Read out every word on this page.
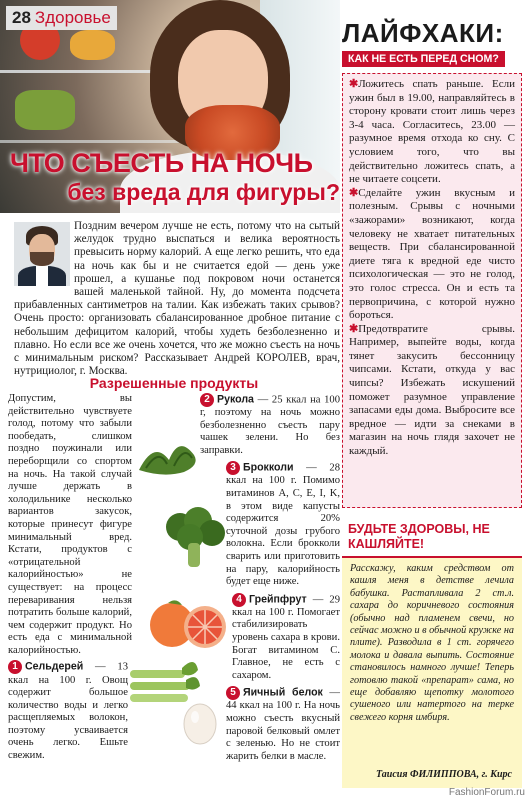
28 Здоровье
ЧТО СЪЕСТЬ НА НОЧЬ
без вреда для фигуры?
Поздним вечером лучше не есть, потому что на сытый желудок трудно выспаться и велика вероятность превысить норму калорий. А еще легко решить, что еда на ночь как бы и не считается едой — день уже прошел, а кушанье под покровом ночи останется вашей маленькой тайной. Ну, до момента подсчета прибавленных сантиметров на талии. Как избежать таких срывов? Очень просто: организовать сбалансированное дробное питание с небольшим дефицитом калорий, чтобы худеть безболезненно и плавно. Но если все же очень хочется, что же можно съесть на ночь с минимальным риском? Рассказывает Андрей КОРОЛЕВ, врач, нутрициолог, г. Москва.
Разрешенные продукты

Допустим, вы действительно чувствуете голод, потому что забыли пообедать, слишком поздно поужинали или переборщили со спортом на ночь. На такой случай лучше держать в холодильнике несколько вариантов закусок, которые принесут фигуре минимальный вред. Кстати, продуктов с «отрицательной калорийностью» не существует: на процесс переваривания нельзя потратить больше калорий, чем содержит продукт. Но есть еда с минимальной калорийностью.

1 Сельдерей — 13 ккал на 100 г. Овощ содержит большое количество воды и легко расщепляемых волокон, поэтому усваивается очень легко. Ешьте свежим.

2 Рукола — 25 ккал на 100 г, поэтому на ночь можно безболезненно съесть пару чашек зелени. Но без заправки.

3 Брокколи — 28 ккал на 100 г. Помимо витаминов А, С, Е, I, K, в этом виде капусты содержится 20% суточной дозы грубого волокна. Если брокколи сварить или приготовить на пару, калорийность будет еще ниже.

4 Грейпфрут — 29 ккал на 100 г. Помогает стабилизировать уровень сахара в крови. Богат витамином С. Главное, не есть с сахаром.

5 Яичный белок — 44 ккал на 100 г. На ночь можно съесть вкусный паровой белковый омлет с зеленью. Но не стоит жарить белки в масле.

ЛАЙФХАКИ:
КАК НЕ ЕСТЬ ПЕРЕД СНОМ?

✱Ложитесь спать раньше. Если ужин был в 19.00, направляйтесь в сторону кровати стоит лишь через 3-4 часа. Согласитесь, 23.00 — разумное время отхода ко сну. С условием того, что вы действительно ложитесь спать, а не читаете соцсети.

✱Сделайте ужин вкусным и полезным. Срывы с ночными «зажорами» возникают, когда человеку не хватает питательных веществ. При сбалансированной диете тяга к вредной еде чисто психологическая — это не голод, это голос стресса. Он и есть та первопричина, с которой нужно бороться.

✱Предотвратите срывы. Например, выпейте воды, когда тянет закусить бессонницу чипсами. Кстати, откуда у вас чипсы? Избежать искушений поможет разумное управление запасами еды дома. Выбросите все вредное — идти за снеками в магазин на ночь глядя захочет не каждый.

БУДЬТЕ ЗДОРОВЫ, НЕ КАШЛЯЙТЕ!
Расскажу, каким средством от кашля меня в детстве лечила бабушка. Растапливала 2 ст.л. сахара до коричневого состояния (обычно над пламенем свечи, но сейчас можно и в обычной кружке на плите). Разводила в 1 ст. горячего молока и давала выпить. Состояние становилось намного лучше! Теперь готовлю такой «препарат» сама, но еще добавляю щепотку молотого сушеного или натертого на терке свежего корня имбиря.
Таисия ФИЛИППОВА, г. Кирс
FashionForum.ru
